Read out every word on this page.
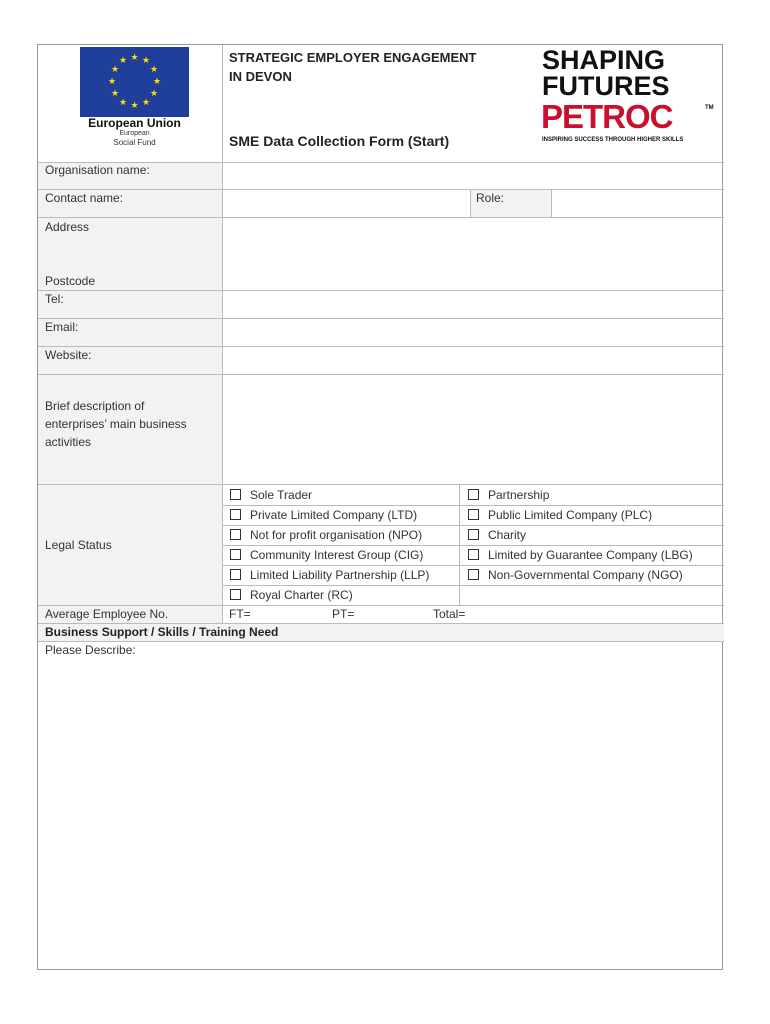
★ ★
★
★
★
★
★
★
★
★
★
★
European Union
European
Social Fund
STRATEGIC EMPLOYER ENGAGEMENT
IN DEVON
SME Data Collection Form (Start)
SHAPING
FUTURES
PETROC	TM
INSPIRING SUCCESS THROUGH HIGHER SKILLS
Organisation name:
Contact name:	Role:
Address
Postcode
Tel:
Email:
Website:
Brief description of
enterprises’ main business
activities
Legal Status
Sole Trader	Partnership
Private Limited Company (LTD)	Public Limited Company (PLC)
Not for profit organisation (NPO)	Charity
Community Interest Group (CIG)	Limited by Guarantee Company (LBG)
Limited Liability Partnership (LLP)	Non-Governmental Company (NGO)
Royal Charter (RC)
Average Employee No.	FT=	PT=	Total=
Business Support / Skills / Training Need
Please Describe:
